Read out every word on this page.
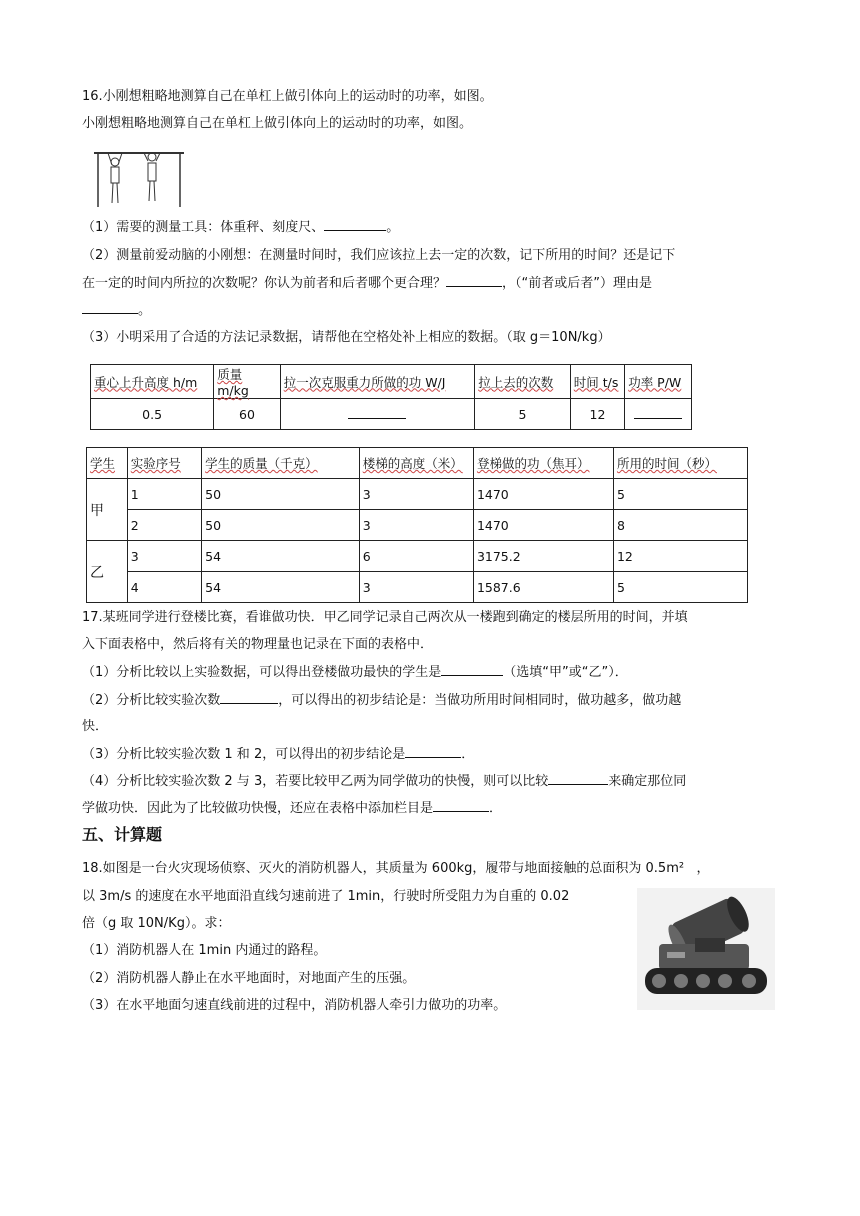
16.小刚想粗略地测算自己在单杠上做引体向上的运动时的功率，如图。
小刚想粗略地测算自己在单杠上做引体向上的运动时的功率，如图。
（1）需要的测量工具：体重秤、刻度尺、	。
（2）测量前爱动脑的小刚想：在测量时间时，我们应该拉上去一定的次数，记下所用的时间？还是记下
在一定的时间内所拉的次数呢？你认为前者和后者哪个更合理？	，（“前者或后者”）理由是
。
（3）小明采用了合适的方法记录数据，请帮他在空格处补上相应的数据。（取 g＝10N/kg）
重心上升高度 h/m	质量 m/kg	拉一次克服重力所做的功 W/J	拉上去的次数	时间 t/s	功率 P/W
0.5	60		5	12	
学生	实验序号	学生的质量（千克）	楼梯的高度（米）	登梯做的功（焦耳）	所用的时间（秒）
甲	1	50	3	1470	5
	2	50	3	1470	8
乙	3	54	6	3175.2	12
	4	54	3	1587.6	5
17.某班同学进行登楼比赛，看谁做功快．甲乙同学记录自己两次从一楼跑到确定的楼层所用的时间，并填
入下面表格中，然后将有关的物理量也记录在下面的表格中．
（1）分析比较以上实验数据，可以得出登楼做功最快的学生是	（选填“甲”或“乙”）．
（2）分析比较实验次数	，可以得出的初步结论是：当做功所用时间相同时，做功越多，做功越
快．
（3）分析比较实验次数 1 和 2，可以得出的初步结论是	．
（4）分析比较实验次数 2 与 3，若要比较甲乙两为同学做功的快慢，则可以比较	来确定那位同
学做功快．因此为了比较做功快慢，还应在表格中添加栏目是	．
五、计算题
18.如图是一台火灾现场侦察、灭火的消防机器人，其质量为 600kg，履带与地面接触的总面积为 0.5m² ，
以 3m/s 的速度在水平地面沿直线匀速前进了 1min，行驶时所受阻力为自重的 0.02
倍（g 取 10N/Kg）。求：
（1）消防机器人在 1min 内通过的路程。
（2）消防机器人静止在水平地面时，对地面产生的压强。
（3）在水平地面匀速直线前进的过程中，消防机器人牵引力做功的功率。
